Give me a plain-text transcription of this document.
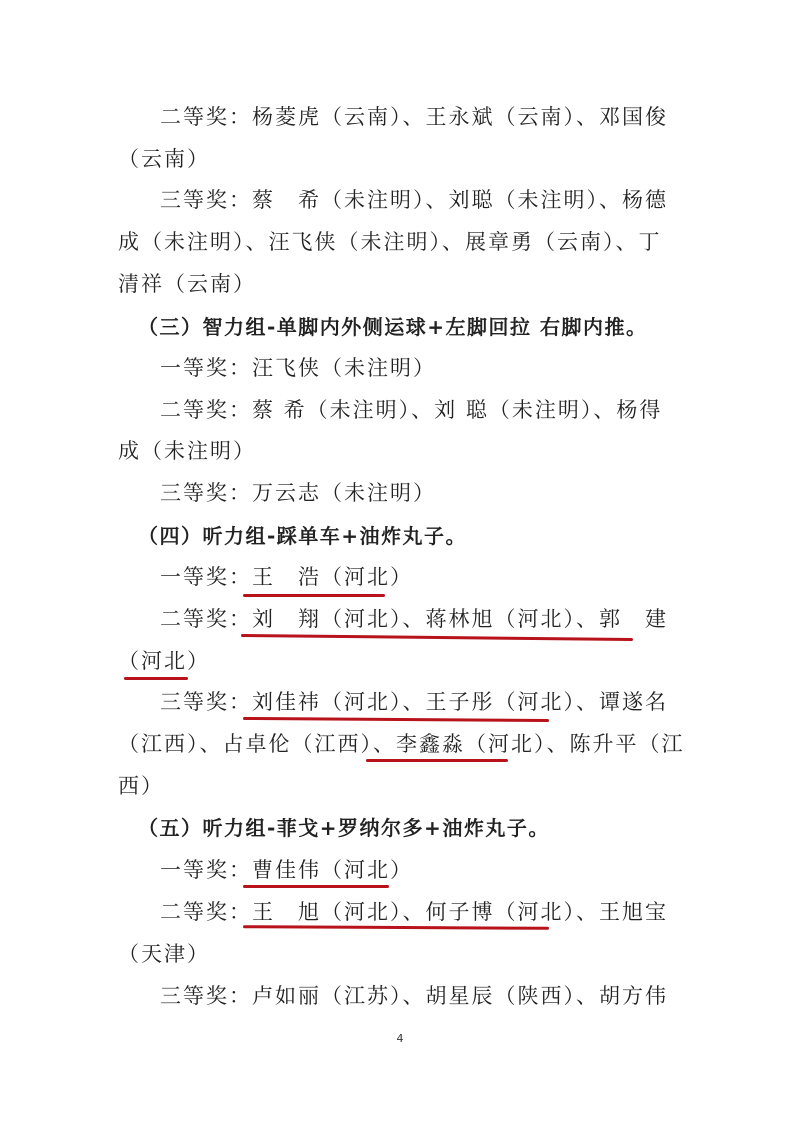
二等奖：杨菱虎（云南）、王永斌（云南）、邓国俊
（云南）
三等奖：蔡　希（未注明）、刘聪（未注明）、杨德
成（未注明）、汪飞侠（未注明）、展章勇（云南）、丁
清祥（云南）
（三）智力组-单脚内外侧运球+左脚回拉 右脚内推。
一等奖：汪飞侠（未注明）
二等奖：蔡 希（未注明）、刘 聪（未注明）、杨得
成（未注明）
三等奖：万云志（未注明）
（四）听力组-踩单车+油炸丸子。
一等奖：王　浩（河北）
二等奖：刘　翔（河北）、蒋林旭（河北）、郭　建
（河北）
三等奖：刘佳祎（河北）、王子彤（河北）、谭遂名
（江西）、占卓伦（江西）、李鑫淼（河北）、陈升平（江
西）
（五）听力组-菲戈+罗纳尔多+油炸丸子。
一等奖：曹佳伟（河北）
二等奖：王　旭（河北）、何子博（河北）、王旭宝
（天津）
三等奖：卢如丽（江苏）、胡星辰（陕西）、胡方伟
4
